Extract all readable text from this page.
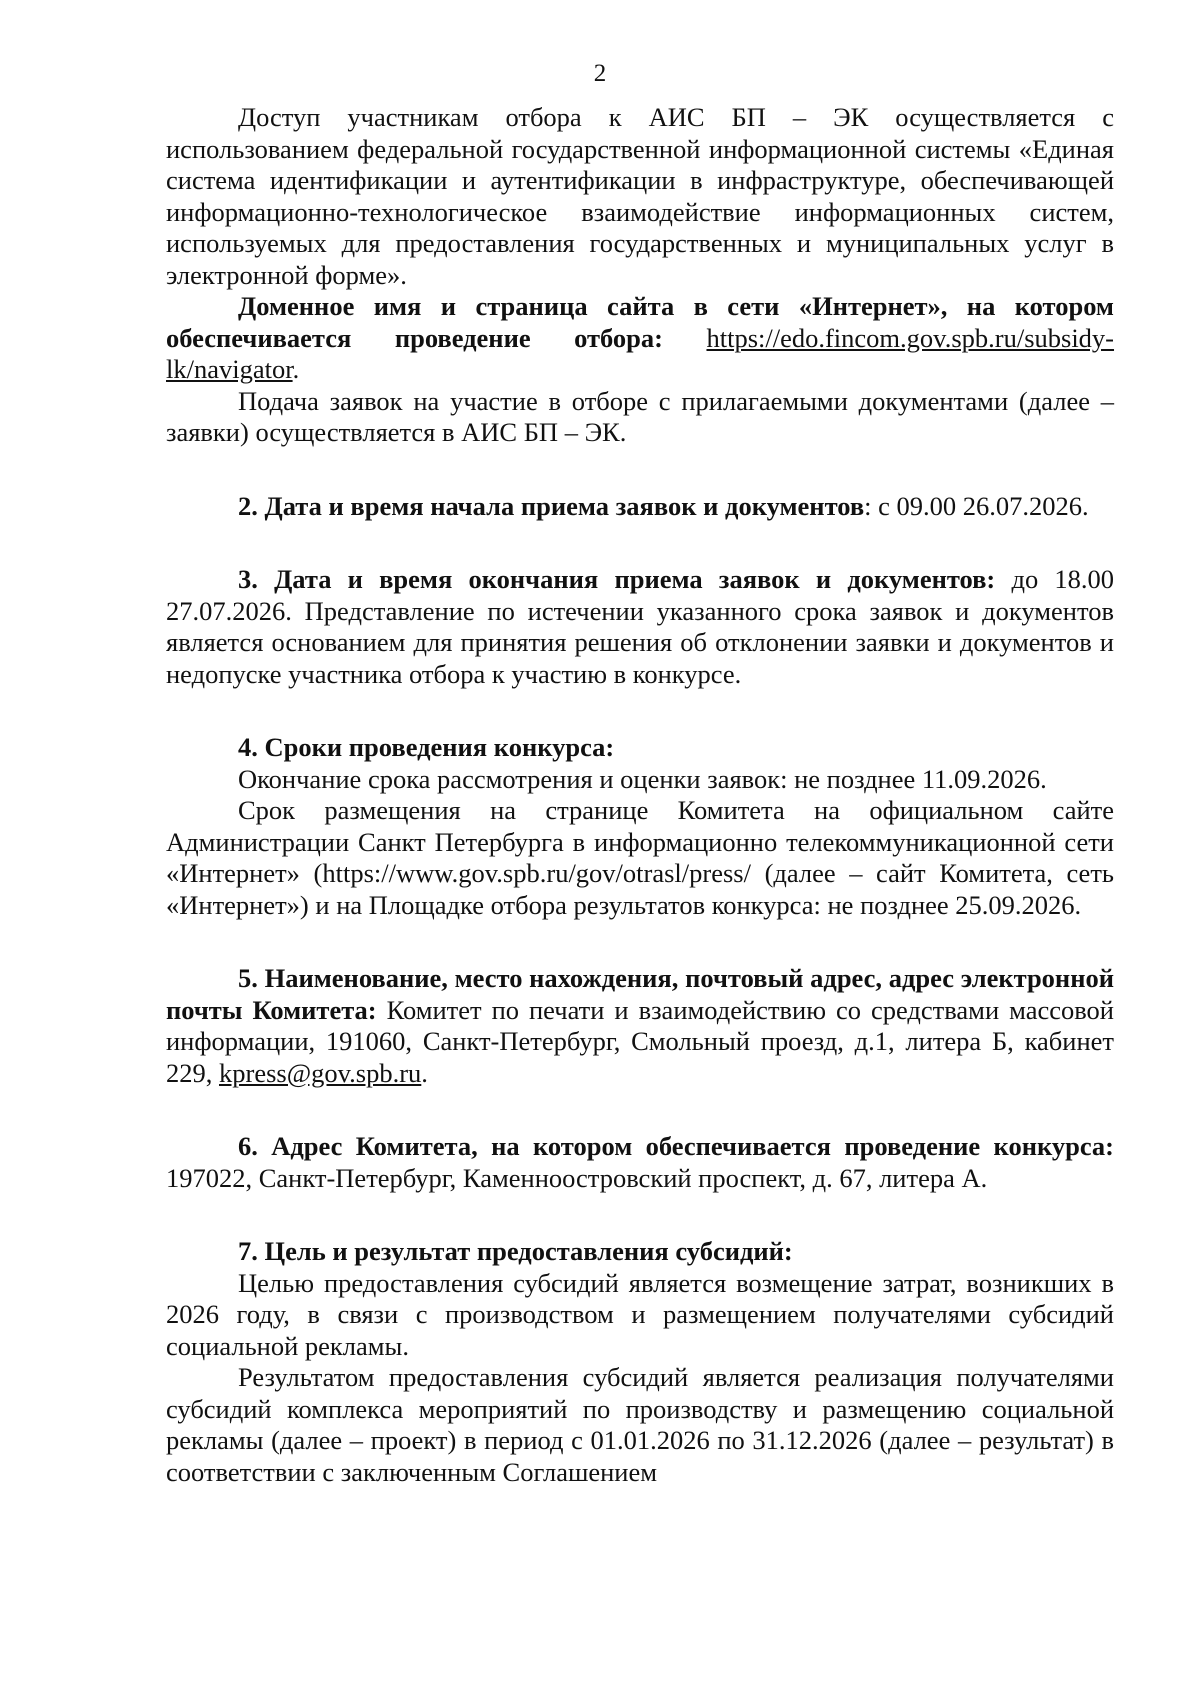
2

Доступ участникам отбора к АИС БП – ЭК осуществляется с использованием федеральной государственной информационной системы «Единая система идентификации и аутентификации в инфраструктуре, обеспечивающей информационно-технологическое взаимодействие информационных систем, используемых для предоставления государственных и муниципальных услуг в электронной форме».

Доменное имя и страница сайта в сети «Интернет», на котором обеспечивается проведение отбора: https://edo.fincom.gov.spb.ru/subsidy-lk/navigator.

Подача заявок на участие в отборе с прилагаемыми документами (далее – заявки) осуществляется в АИС БП – ЭК.

2. Дата и время начала приема заявок и документов: с 09.00 26.07.2026.

3. Дата и время окончания приема заявок и документов: до 18.00 27.07.2026. Представление по истечении указанного срока заявок и документов является основанием для принятия решения об отклонении заявки и документов и недопуске участника отбора к участию в конкурсе.

4. Сроки проведения конкурса:

Окончание срока рассмотрения и оценки заявок: не позднее 11.09.2026.

Срок размещения на странице Комитета на официальном сайте Администрации Санкт Петербурга в информационно телекоммуникационной сети «Интернет» (https://www.gov.spb.ru/gov/otrasl/press/ (далее – сайт Комитета, сеть «Интернет») и на Площадке отбора результатов конкурса: не позднее 25.09.2026.

5. Наименование, место нахождения, почтовый адрес, адрес электронной почты Комитета: Комитет по печати и взаимодействию со средствами массовой информации, 191060, Санкт-Петербург, Смольный проезд, д.1, литера Б, кабинет 229, kpress@gov.spb.ru.

6. Адрес Комитета, на котором обеспечивается проведение конкурса: 197022, Санкт-Петербург, Каменноостровский проспект, д. 67, литера А.

7. Цель и результат предоставления субсидий:

Целью предоставления субсидий является возмещение затрат, возникших в 2026 году, в связи с производством и размещением получателями субсидий социальной рекламы.

Результатом предоставления субсидий является реализация получателями субсидий комплекса мероприятий по производству и размещению социальной рекламы (далее – проект) в период с 01.01.2026 по 31.12.2026 (далее – результат) в соответствии с заключенным Соглашением
